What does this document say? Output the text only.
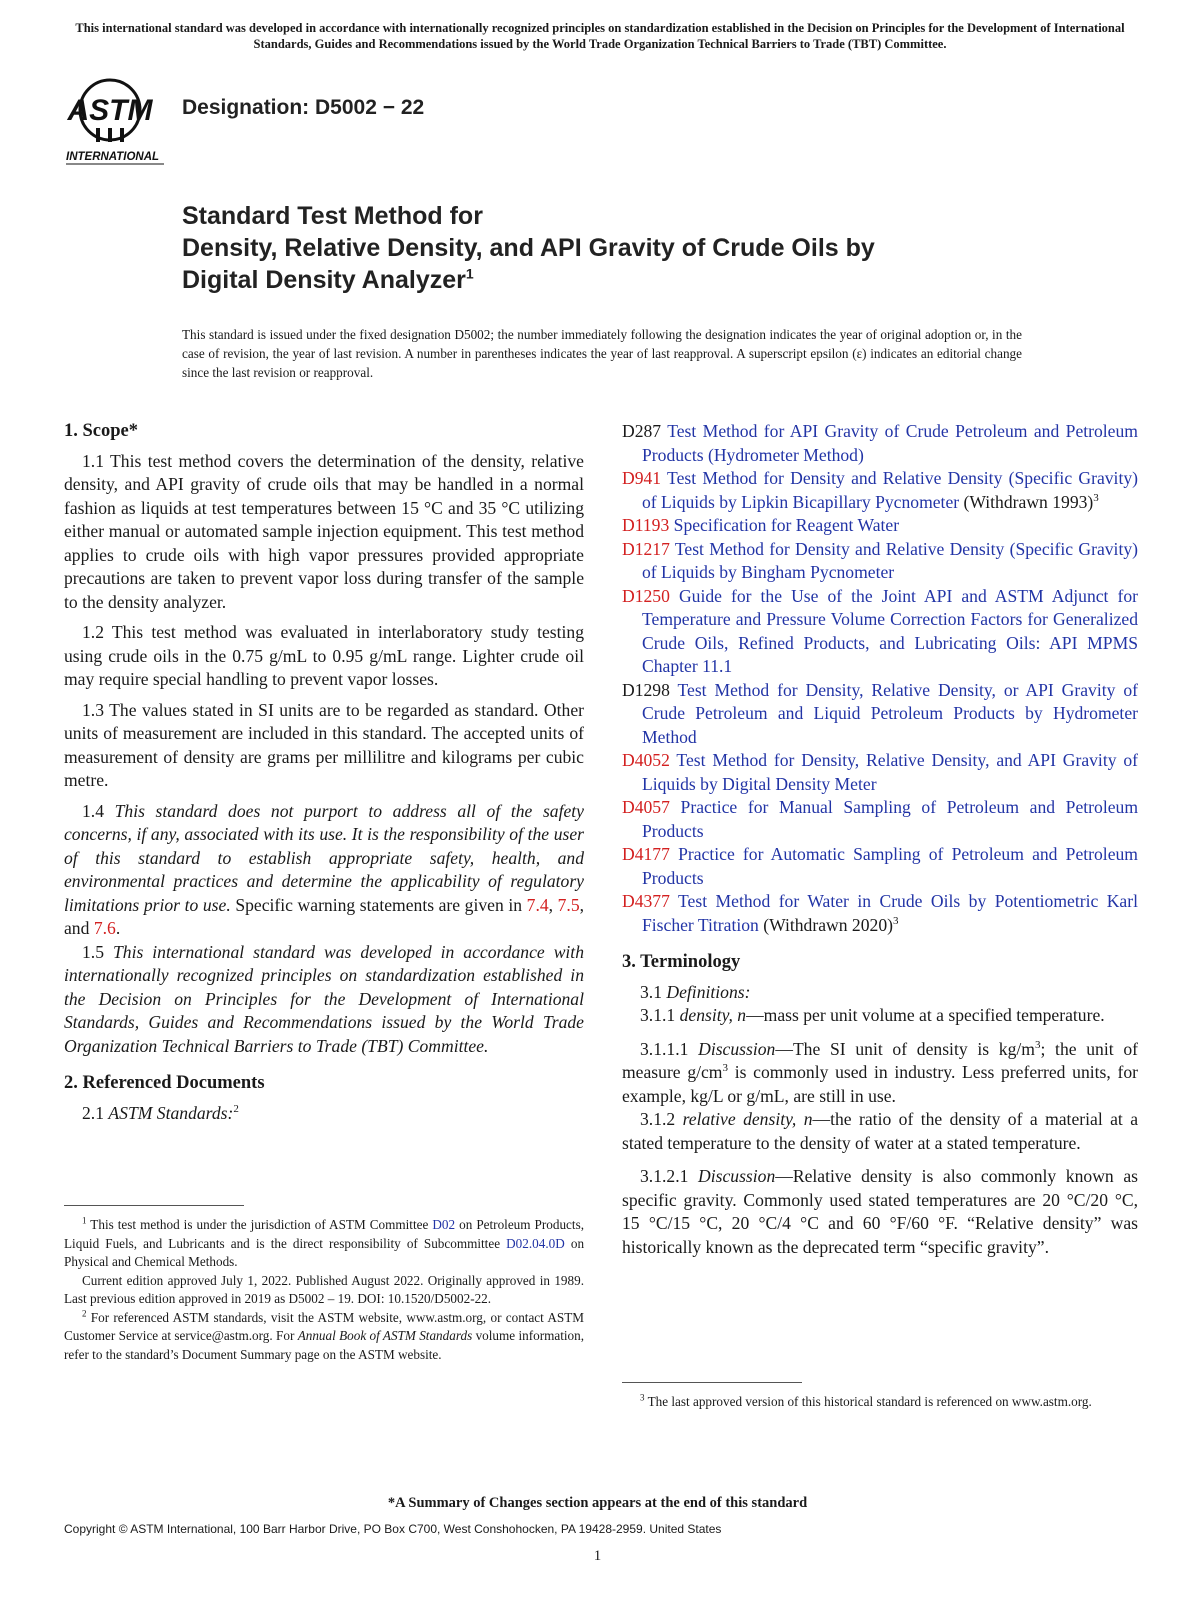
This international standard was developed in accordance with internationally recognized principles on standardization established in the Decision on Principles for the Development of International Standards, Guides and Recommendations issued by the World Trade Organization Technical Barriers to Trade (TBT) Committee.
ASTM
INTERNATIONAL
Designation: D5002 − 22
Standard Test Method for
Density, Relative Density, and API Gravity of Crude Oils by
Digital Density Analyzer$^1$
This standard is issued under the fixed designation D5002; the number immediately following the designation indicates the year of original adoption or, in the case of revision, the year of last revision. A number in parentheses indicates the year of last reapproval. A superscript epsilon (ε) indicates an editorial change since the last revision or reapproval.
1. Scope*

1.1 This test method covers the determination of the density, relative density, and API gravity of crude oils that may be handled in a normal fashion as liquids at test temperatures between 15 °C and 35 °C utilizing either manual or automated sample injection equipment. This test method applies to crude oils with high vapor pressures provided appropriate precautions are taken to prevent vapor loss during transfer of the sample to the density analyzer.

1.2 This test method was evaluated in interlaboratory study testing using crude oils in the 0.75 g/mL to 0.95 g/mL range. Lighter crude oil may require special handling to prevent vapor losses.

1.3 The values stated in SI units are to be regarded as standard. Other units of measurement are included in this standard. The accepted units of measurement of density are grams per millilitre and kilograms per cubic metre.

1.4 This standard does not purport to address all of the safety concerns, if any, associated with its use. It is the responsibility of the user of this standard to establish appropriate safety, health, and environmental practices and determine the applicability of regulatory limitations prior to use. Specific warning statements are given in 7.4, 7.5, and 7.6.

1.5 This international standard was developed in accordance with internationally recognized principles on standardization established in the Decision on Principles for the Development of International Standards, Guides and Recommendations issued by the World Trade Organization Technical Barriers to Trade (TBT) Committee.

2. Referenced Documents

2.1 ASTM Standards:$^2$

$^1$ This test method is under the jurisdiction of ASTM Committee D02 on Petroleum Products, Liquid Fuels, and Lubricants and is the direct responsibility of Subcommittee D02.04.0D on Physical and Chemical Methods.

Current edition approved July 1, 2022. Published August 2022. Originally approved in 1989. Last previous edition approved in 2019 as D5002 – 19. DOI: 10.1520/D5002-22.

$^2$ For referenced ASTM standards, visit the ASTM website, www.astm.org, or contact ASTM Customer Service at service@astm.org. For Annual Book of ASTM Standards volume information, refer to the standard’s Document Summary page on the ASTM website.

D287 Test Method for API Gravity of Crude Petroleum and Petroleum Products (Hydrometer Method)

D941 Test Method for Density and Relative Density (Specific Gravity) of Liquids by Lipkin Bicapillary Pycnometer (Withdrawn 1993)$^3$

D1193 Specification for Reagent Water

D1217 Test Method for Density and Relative Density (Specific Gravity) of Liquids by Bingham Pycnometer

D1250 Guide for the Use of the Joint API and ASTM Adjunct for Temperature and Pressure Volume Correction Factors for Generalized Crude Oils, Refined Products, and Lubricating Oils: API MPMS Chapter 11.1

D1298 Test Method for Density, Relative Density, or API Gravity of Crude Petroleum and Liquid Petroleum Products by Hydrometer Method

D4052 Test Method for Density, Relative Density, and API Gravity of Liquids by Digital Density Meter

D4057 Practice for Manual Sampling of Petroleum and Petroleum Products

D4177 Practice for Automatic Sampling of Petroleum and Petroleum Products

D4377 Test Method for Water in Crude Oils by Potentiometric Karl Fischer Titration (Withdrawn 2020)$^3$

3. Terminology

3.1 Definitions:

3.1.1 density, n—mass per unit volume at a specified temperature.

3.1.1.1 Discussion—The SI unit of density is $kg/m^3$; the unit of measure $g/cm^3$ is commonly used in industry. Less preferred units, for example, kg/L or g/mL, are still in use.

3.1.2 relative density, n—the ratio of the density of a material at a stated temperature to the density of water at a stated temperature.

3.1.2.1 Discussion—Relative density is also commonly known as specific gravity. Commonly used stated temperatures are 20 °C/20 °C, 15 °C/15 °C, 20 °C/4 °C and 60 °F/60 °F. “Relative density” was historically known as the deprecated term “specific gravity”.

$^3$ The last approved version of this historical standard is referenced on www.astm.org.

*A Summary of Changes section appears at the end of this standard
Copyright © ASTM International, 100 Barr Harbor Drive, PO Box C700, West Conshohocken, PA 19428-2959. United States
1
